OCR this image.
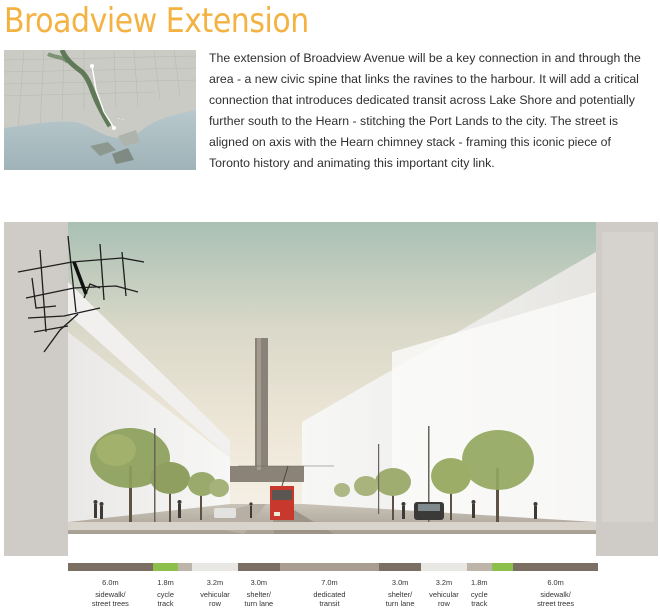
Broadview Extension
• —
The extension of Broadview Avenue will be a key connection in and through the area - a new civic spine that links the ravines to the harbour. It will add a critical connection that introduces dedicated transit across Lake Shore and potentially further south to the Hearn - stitching the Port Lands to the city. The street is aligned on axis with the Hearn chimney stack - framing this iconic piece of Toronto history and animating this important city link.
6.0m
sidewalk/
street trees
1.8m
cycle
track
3.2m
vehicular
row
3.0m
shelter/
turn lane
7.0m
dedicated
transit
3.0m
shelter/
turn lane
3.2m
vehicular
row
1.8m
cycle
track
6.0m
sidewalk/
street trees
